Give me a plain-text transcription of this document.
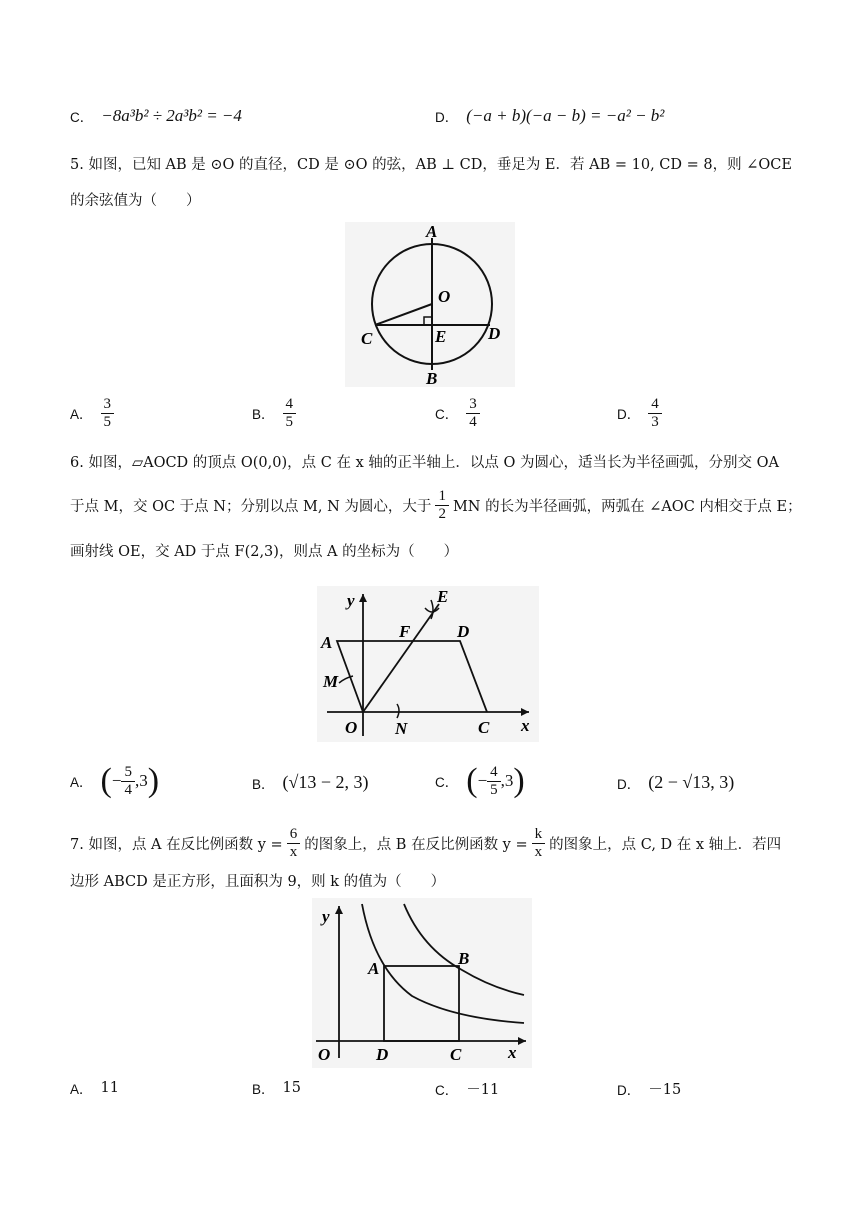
C． −8a³b² ÷ 2a³b² = −4	D． (−a + b)(−a − b) = −a² − b²
5. 如图，已知 AB 是 ⊙O 的直径，CD 是 ⊙O 的弦，AB ⊥ CD，垂足为 E．若 AB = 10, CD = 8，则 ∠OCE
的余弦值为（　　）
A
O
C	E D
B
A． $\frac{3}{5}$	B． $\frac{4}{5}$	C． $\frac{3}{4}$	D． $\frac{4}{3}$
6. 如图，▱AOCD 的顶点 O(0,0)，点 C 在 x 轴的正半轴上．以点 O 为圆心，适当长为半径画弧，分别交 OA
于点 M，交 OC 于点 N；分别以点 M, N 为圆心，大于 $\frac{1}{2}$ MN 的长为半径画弧，两弧在 ∠AOC 内相交于点 E；
画射线 OE，交 AD 于点 F(2,3)，则点 A 的坐标为（　　）
E
y
A
F	D
M
O N	C x
A． ( − $\frac{5}{4} ,3$ )	B． (√13 − 2, 3)	C． ( − $\frac{4}{5} ,3$ )	D． (2 − √13, 3)
7. 如图，点 A 在反比例函数 $y = \frac{6}{x}$ 的图象上，点 B 在反比例函数 $y = \frac{k}{x}$ 的图象上，点 C, D 在 x 轴上．若四
边形 ABCD 是正方形，且面积为 9，则 k 的值为（　　）
y
A
B
O	D	C	x
A． 11	B． 15	C． －11	D． －15
